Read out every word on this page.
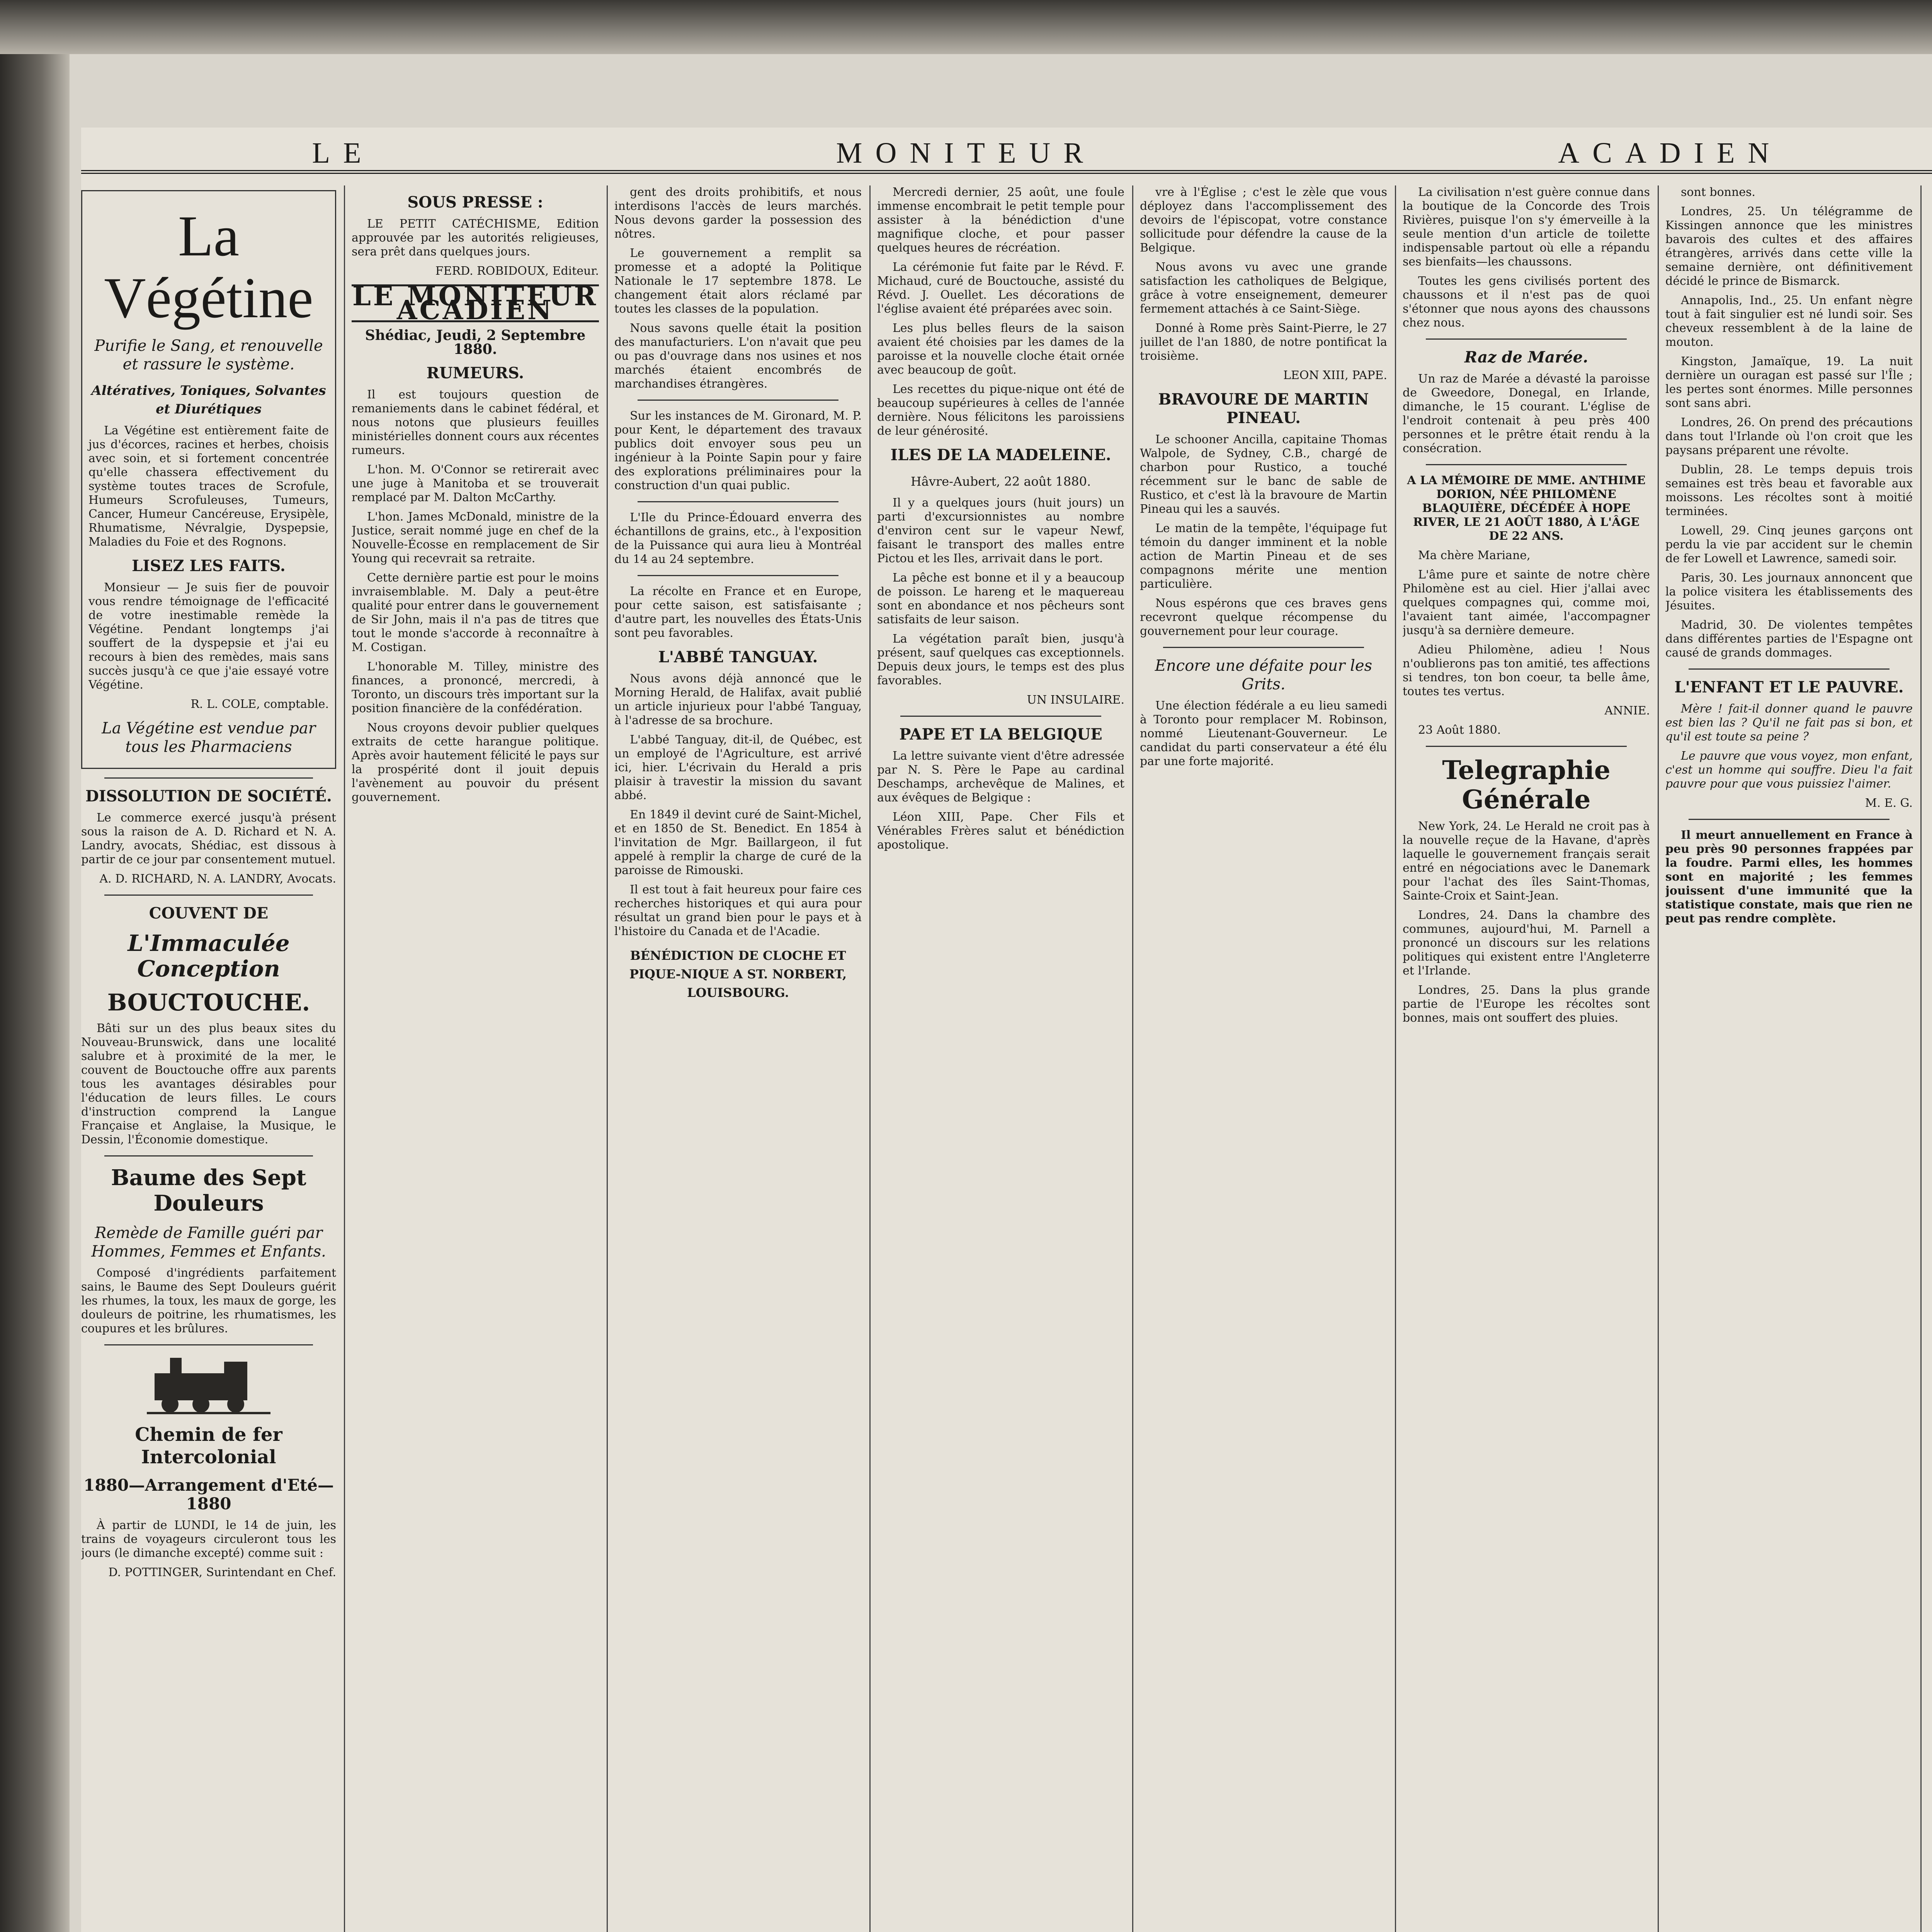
LE	MONITEUR	ACADIEN
La Végétine

Purifie le Sang, et renouvelle et rassure le système.

Altératives, Toniques, Solvantes et Diurétiques

La Végétine est entièrement faite de jus d'écorces, racines et herbes, choisis avec soin, et si fortement concentrée qu'elle chassera effectivement du système toutes traces de Scrofule, Humeurs Scrofuleuses, Tumeurs, Cancer, Humeur Cancéreuse, Erysipèle, Rhumatisme, Névralgie, Dyspepsie, Maladies du Foie et des Rognons.

LISEZ LES FAITS.

Monsieur — Je suis fier de pouvoir vous rendre témoignage de l'efficacité de votre inestimable remède la Végétine. Pendant longtemps j'ai souffert de la dyspepsie et j'ai eu recours à bien des remèdes, mais sans succès jusqu'à ce que j'aie essayé votre Végétine.

R. L. COLE, comptable.

La Végétine est vendue par tous les Pharmaciens

DISSOLUTION DE SOCIÉTÉ.

Le commerce exercé jusqu'à présent sous la raison de A. D. Richard et N. A. Landry, avocats, Shédiac, est dissous à partir de ce jour par consentement mutuel.

A. D. RICHARD, N. A. LANDRY, Avocats.

COUVENT DE

L'Immaculée Conception

BOUCTOUCHE.

Bâti sur un des plus beaux sites du Nouveau-Brunswick, dans une localité salubre et à proximité de la mer, le couvent de Bouctouche offre aux parents tous les avantages désirables pour l'éducation de leurs filles. Le cours d'instruction comprend la Langue Française et Anglaise, la Musique, le Dessin, l'Économie domestique.

Baume des Sept Douleurs

Remède de Famille guéri par Hommes, Femmes et Enfants.

Composé d'ingrédients parfaitement sains, le Baume des Sept Douleurs guérit les rhumes, la toux, les maux de gorge, les douleurs de poitrine, les rhumatismes, les coupures et les brûlures.

Chemin de fer Intercolonial

1880—Arrangement d'Eté—1880

À partir de LUNDI, le 14 de juin, les trains de voyageurs circuleront tous les jours (le dimanche excepté) comme suit :

D. POTTINGER, Surintendant en Chef.

SOUS PRESSE :

LE PETIT CATÉCHISME, Edition approuvée par les autorités religieuses, sera prêt dans quelques jours.

FERD. ROBIDOUX, Editeur.

LE MONITEUR ACADIEN
Shédiac, Jeudi, 2 Septembre 1880.

RUMEURS.

Il est toujours question de remaniements dans le cabinet fédéral, et nous notons que plusieurs feuilles ministérielles donnent cours aux récentes rumeurs.

L'hon. M. O'Connor se retirerait avec une juge à Manitoba et se trouverait remplacé par M. Dalton McCarthy.

L'hon. James McDonald, ministre de la Justice, serait nommé juge en chef de la Nouvelle-Écosse en remplacement de Sir Young qui recevrait sa retraite.

Cette dernière partie est pour le moins invraisemblable. M. Daly a peut-être qualité pour entrer dans le gouvernement de Sir John, mais il n'a pas de titres que tout le monde s'accorde à reconnaître à M. Costigan.

L'honorable M. Tilley, ministre des finances, a prononcé, mercredi, à Toronto, un discours très important sur la position financière de la confédération.

Nous croyons devoir publier quelques extraits de cette harangue politique. Après avoir hautement félicité le pays sur la prospérité dont il jouit depuis l'avènement au pouvoir du présent gouvernement.

gent des droits prohibitifs, et nous interdisons l'accès de leurs marchés. Nous devons garder la possession des nôtres.

Le gouvernement a remplit sa promesse et a adopté la Politique Nationale le 17 septembre 1878. Le changement était alors réclamé par toutes les classes de la population.

Nous savons quelle était la position des manufacturiers. L'on n'avait que peu ou pas d'ouvrage dans nos usines et nos marchés étaient encombrés de marchandises étrangères.

Sur les instances de M. Gironard, M. P. pour Kent, le département des travaux publics doit envoyer sous peu un ingénieur à la Pointe Sapin pour y faire des explorations préliminaires pour la construction d'un quai public.

L'Ile du Prince-Édouard enverra des échantillons de grains, etc., à l'exposition de la Puissance qui aura lieu à Montréal du 14 au 24 septembre.

La récolte en France et en Europe, pour cette saison, est satisfaisante ; d'autre part, les nouvelles des États-Unis sont peu favorables.

L'ABBÉ TANGUAY.

Nous avons déjà annoncé que le Morning Herald, de Halifax, avait publié un article injurieux pour l'abbé Tanguay, à l'adresse de sa brochure.

L'abbé Tanguay, dit-il, de Québec, est un employé de l'Agriculture, est arrivé ici, hier. L'écrivain du Herald a pris plaisir à travestir la mission du savant abbé.

En 1849 il devint curé de Saint-Michel, et en 1850 de St. Benedict. En 1854 à l'invitation de Mgr. Baillargeon, il fut appelé à remplir la charge de curé de la paroisse de Rimouski.

Il est tout à fait heureux pour faire ces recherches historiques et qui aura pour résultat un grand bien pour le pays et à l'histoire du Canada et de l'Acadie.

BÉNÉDICTION DE CLOCHE ET PIQUE-NIQUE A ST. NORBERT, LOUISBOURG.

Mercredi dernier, 25 août, une foule immense encombrait le petit temple pour assister à la bénédiction d'une magnifique cloche, et pour passer quelques heures de récréation.

La cérémonie fut faite par le Révd. F. Michaud, curé de Bouctouche, assisté du Révd. J. Ouellet. Les décorations de l'église avaient été préparées avec soin.

Les plus belles fleurs de la saison avaient été choisies par les dames de la paroisse et la nouvelle cloche était ornée avec beaucoup de goût.

Les recettes du pique-nique ont été de beaucoup supérieures à celles de l'année dernière. Nous félicitons les paroissiens de leur générosité.

ILES DE LA MADELEINE.

Hâvre-Aubert, 22 août 1880.

Il y a quelques jours (huit jours) un parti d'excursionnistes au nombre d'environ cent sur le vapeur Newf, faisant le transport des malles entre Pictou et les Iles, arrivait dans le port.

La pêche est bonne et il y a beaucoup de poisson. Le hareng et le maquereau sont en abondance et nos pêcheurs sont satisfaits de leur saison.

La végétation paraît bien, jusqu'à présent, sauf quelques cas exceptionnels. Depuis deux jours, le temps est des plus favorables.

UN INSULAIRE.

PAPE ET LA BELGIQUE

La lettre suivante vient d'être adressée par N. S. Père le Pape au cardinal Deschamps, archevêque de Malines, et aux évêques de Belgique :

Léon XIII, Pape. Cher Fils et Vénérables Frères salut et bénédiction apostolique.

vre à l'Église ; c'est le zèle que vous déployez dans l'accomplissement des devoirs de l'épiscopat, votre constance sollicitude pour défendre la cause de la Belgique.

Nous avons vu avec une grande satisfaction les catholiques de Belgique, grâce à votre enseignement, demeurer fermement attachés à ce Saint-Siège.

Donné à Rome près Saint-Pierre, le 27 juillet de l'an 1880, de notre pontificat la troisième.

LEON XIII, PAPE.

BRAVOURE DE MARTIN PINEAU.

Le schooner Ancilla, capitaine Thomas Walpole, de Sydney, C.B., chargé de charbon pour Rustico, a touché récemment sur le banc de sable de Rustico, et c'est là la bravoure de Martin Pineau qui les a sauvés.

Le matin de la tempête, l'équipage fut témoin du danger imminent et la noble action de Martin Pineau et de ses compagnons mérite une mention particulière.

Nous espérons que ces braves gens recevront quelque récompense du gouvernement pour leur courage.

Encore une défaite pour les Grits.

Une élection fédérale a eu lieu samedi à Toronto pour remplacer M. Robinson, nommé Lieutenant-Gouverneur. Le candidat du parti conservateur a été élu par une forte majorité.

La civilisation n'est guère connue dans la boutique de la Concorde des Trois Rivières, puisque l'on s'y émerveille à la seule mention d'un article de toilette indispensable partout où elle a répandu ses bienfaits—les chaussons.

Toutes les gens civilisés portent des chaussons et il n'est pas de quoi s'étonner que nous ayons des chaussons chez nous.

Raz de Marée.

Un raz de Marée a dévasté la paroisse de Gweedore, Donegal, en Irlande, dimanche, le 15 courant. L'église de l'endroit contenait à peu près 400 personnes et le prêtre était rendu à la consécration.

A LA MÉMOIRE DE MME. ANTHIME DORION, NÉE PHILOMÈNE BLAQUIÈRE, DÉCÉDÉE À HOPE RIVER, LE 21 AOÛT 1880, À L'ÂGE DE 22 ANS.

Ma chère Mariane,

L'âme pure et sainte de notre chère Philomène est au ciel. Hier j'allai avec quelques compagnes qui, comme moi, l'avaient tant aimée, l'accompagner jusqu'à sa dernière demeure.

Adieu Philomène, adieu ! Nous n'oublierons pas ton amitié, tes affections si tendres, ton bon coeur, ta belle âme, toutes tes vertus.

ANNIE.

23 Août 1880.

Telegraphie Générale

New York, 24. Le Herald ne croit pas à la nouvelle reçue de la Havane, d'après laquelle le gouvernement français serait entré en négociations avec le Danemark pour l'achat des îles Saint-Thomas, Sainte-Croix et Saint-Jean.

Londres, 24. Dans la chambre des communes, aujourd'hui, M. Parnell a prononcé un discours sur les relations politiques qui existent entre l'Angleterre et l'Irlande.

Londres, 25. Dans la plus grande partie de l'Europe les récoltes sont bonnes, mais ont souffert des pluies.

sont bonnes.

Londres, 25. Un télégramme de Kissingen annonce que les ministres bavarois des cultes et des affaires étrangères, arrivés dans cette ville la semaine dernière, ont définitivement décidé le prince de Bismarck.

Annapolis, Ind., 25. Un enfant nègre tout à fait singulier est né lundi soir. Ses cheveux ressemblent à de la laine de mouton.

Kingston, Jamaïque, 19. La nuit dernière un ouragan est passé sur l'Île ; les pertes sont énormes. Mille personnes sont sans abri.

Londres, 26. On prend des précautions dans tout l'Irlande où l'on croit que les paysans préparent une révolte.

Dublin, 28. Le temps depuis trois semaines est très beau et favorable aux moissons. Les récoltes sont à moitié terminées.

Lowell, 29. Cinq jeunes garçons ont perdu la vie par accident sur le chemin de fer Lowell et Lawrence, samedi soir.

Paris, 30. Les journaux annoncent que la police visitera les établissements des Jésuites.

Madrid, 30. De violentes tempêtes dans différentes parties de l'Espagne ont causé de grands dommages.

L'ENFANT ET LE PAUVRE.

Mère ! fait-il donner quand le pauvre est bien las ? Qu'il ne fait pas si bon, et qu'il est toute sa peine ?

Le pauvre que vous voyez, mon enfant, c'est un homme qui souffre. Dieu l'a fait pauvre pour que vous puissiez l'aimer.

M. E. G.

Il meurt annuellement en France à peu près 90 personnes frappées par la foudre. Parmi elles, les hommes sont en majorité ; les femmes jouissent d'une immunité que la statistique constate, mais que rien ne peut pas rendre complète.
